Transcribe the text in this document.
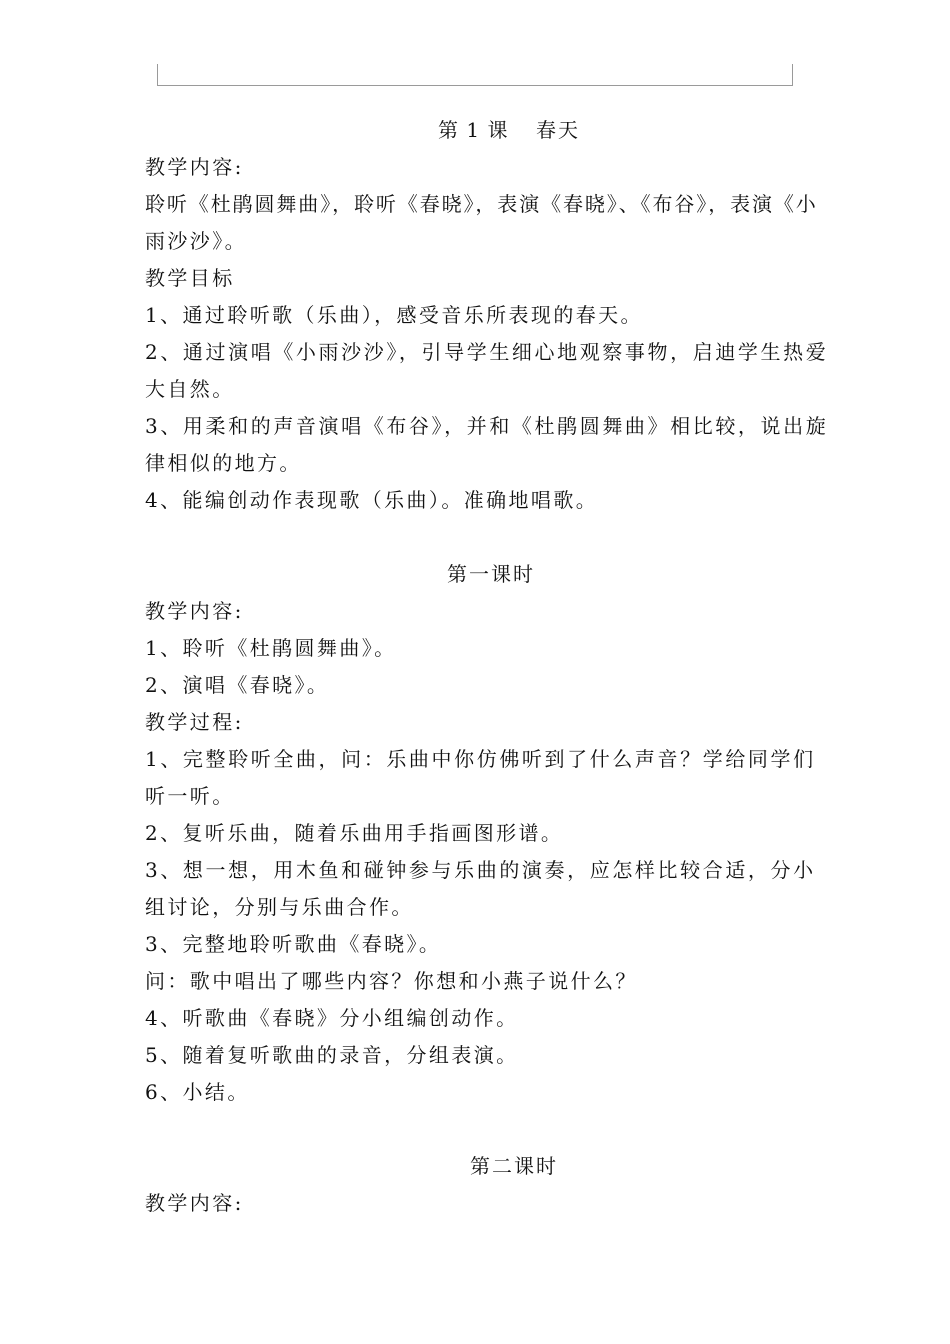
第 1 课 春天
教学内容:
聆听《杜鹃圆舞曲》，聆听《春晓》，表演《春晓》、《布谷》，表演《小
雨沙沙》。
教学目标
1、通过聆听歌（乐曲），感受音乐所表现的春天。
2、通过演唱《小雨沙沙》，引导学生细心地观察事物，启迪学生热爱
大自然。
3、用柔和的声音演唱《布谷》，并和《杜鹃圆舞曲》相比较，说出旋
律相似的地方。
4、能编创动作表现歌（乐曲）。准确地唱歌。
第一课时
教学内容:
1、聆听《杜鹃圆舞曲》。
2、演唱《春晓》。
教学过程:
1、完整聆听全曲，问：乐曲中你仿佛听到了什么声音？学给同学们
听一听。
2、复听乐曲，随着乐曲用手指画图形谱。
3、想一想，用木鱼和碰钟参与乐曲的演奏，应怎样比较合适，分小
组讨论，分别与乐曲合作。
3、完整地聆听歌曲《春晓》。
问：歌中唱出了哪些内容？你想和小燕子说什么？
4、听歌曲《春晓》分小组编创动作。
5、随着复听歌曲的录音，分组表演。
6、小结。
第二课时
教学内容:
